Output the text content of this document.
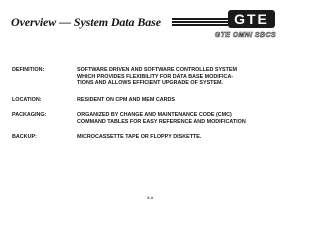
Overview — System Data Base	GTE
GTE OMNI SBCS
DEFINITION:	SOFTWARE DRIVEN AND SOFTWARE CONTROLLED SYSTEM
WHICH PROVIDES FLEXIBILITY FOR DATA BASE MODIFICA-
TIONS AND ALLOWS EFFICIENT UPGRADE OF SYSTEM.
LOCATION:	RESIDENT ON CPM AND MEM CARDS
PACKAGING:	ORGANIZED BY CHANGE AND MAINTENANCE CODE (CMC)
COMMAND TABLES FOR EASY REFERENCE AND MODIFICATION
BACKUP:	MICROCASSETTE TAPE OR FLOPPY DISKETTE.
3-4
